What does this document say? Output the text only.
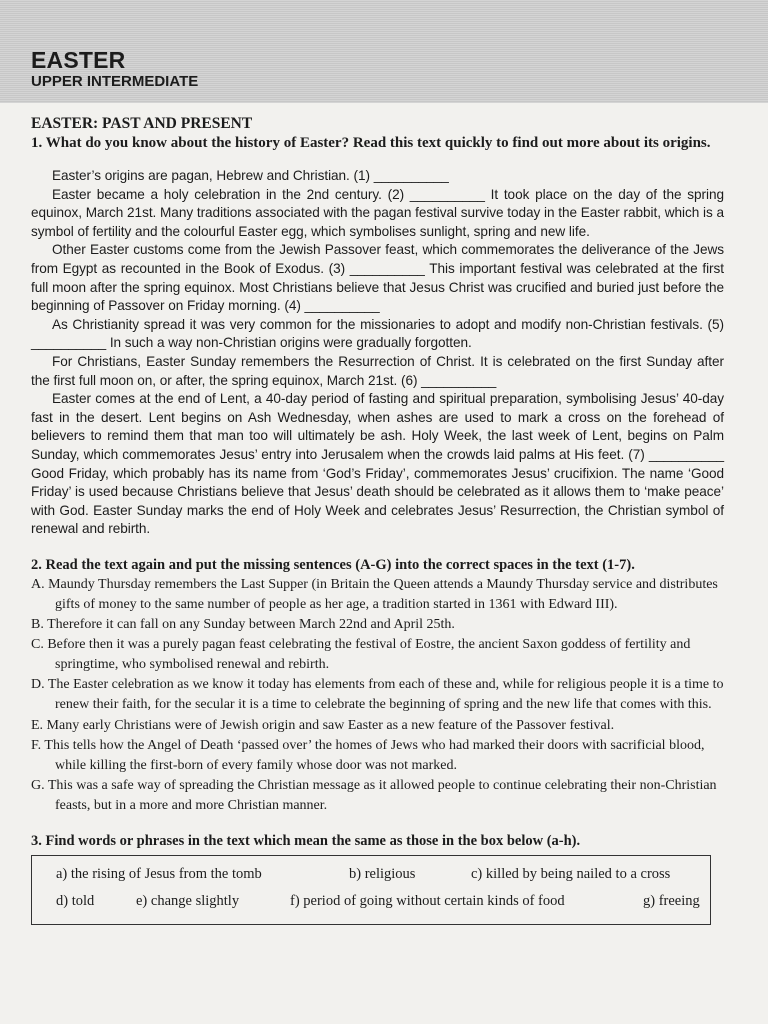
EASTER
UPPER INTERMEDIATE
EASTER: PAST AND PRESENT
1. What do you know about the history of Easter? Read this text quickly to find out more about its origins.

Easter’s origins are pagan, Hebrew and Christian. (1) __________

Easter became a holy celebration in the 2nd century. (2) __________ It took place on the day of the spring equinox, March 21st. Many traditions associated with the pagan festival survive today in the Easter rabbit, which is a symbol of fertility and the colourful Easter egg, which symbolises sunlight, spring and new life.

Other Easter customs come from the Jewish Passover feast, which commemorates the deliverance of the Jews from Egypt as recounted in the Book of Exodus. (3) __________ This important festival was celebrated at the first full moon after the spring equinox. Most Christians believe that Jesus Christ was crucified and buried just before the beginning of Passover on Friday morning. (4) __________

As Christianity spread it was very common for the missionaries to adopt and modify non-Christian festivals. (5) __________ In such a way non-Christian origins were gradually forgotten.

For Christians, Easter Sunday remembers the Resurrection of Christ. It is celebrated on the first Sunday after the first full moon on, or after, the spring equinox, March 21st. (6) __________

Easter comes at the end of Lent, a 40-day period of fasting and spiritual preparation, symbolising Jesus’ 40-day fast in the desert. Lent begins on Ash Wednesday, when ashes are used to mark a cross on the forehead of believers to remind them that man too will ultimately be ash. Holy Week, the last week of Lent, begins on Palm Sunday, which commemorates Jesus’ entry into Jerusalem when the crowds laid palms at His feet. (7) __________ Good Friday, which probably has its name from ‘God’s Friday’, commemorates Jesus’ crucifixion. The name ‘Good Friday’ is used because Christians believe that Jesus’ death should be celebrated as it allows them to ‘make peace’ with God. Easter Sunday marks the end of Holy Week and celebrates Jesus’ Resurrection, the Christian symbol of renewal and rebirth.

2. Read the text again and put the missing sentences (A-G) into the correct spaces in the text (1-7).
A. Maundy Thursday remembers the Last Supper (in Britain the Queen attends a Maundy Thursday service and distributes gifts of money to the same number of people as her age, a tradition started in 1361 with Edward III).
B. Therefore it can fall on any Sunday between March 22nd and April 25th.
C. Before then it was a purely pagan feast celebrating the festival of Eostre, the ancient Saxon goddess of fertility and springtime, who symbolised renewal and rebirth.
D. The Easter celebration as we know it today has elements from each of these and, while for religious people it is a time to renew their faith, for the secular it is a time to celebrate the beginning of spring and the new life that comes with this.
E. Many early Christians were of Jewish origin and saw Easter as a new feature of the Passover festival.
F. This tells how the Angel of Death ‘passed over’ the homes of Jews who had marked their doors with sacrificial blood, while killing the first-born of every family whose door was not marked.
G. This was a safe way of spreading the Christian message as it allowed people to continue celebrating their non-Christian feasts, but in a more and more Christian manner.
3. Find words or phrases in the text which mean the same as those in the box below (a-h).
a) the rising of Jesus from the tomb	b) religious	c) killed by being nailed to a cross
d) told	e) change slightly	f) period of going without certain kinds of food	g) freeing
